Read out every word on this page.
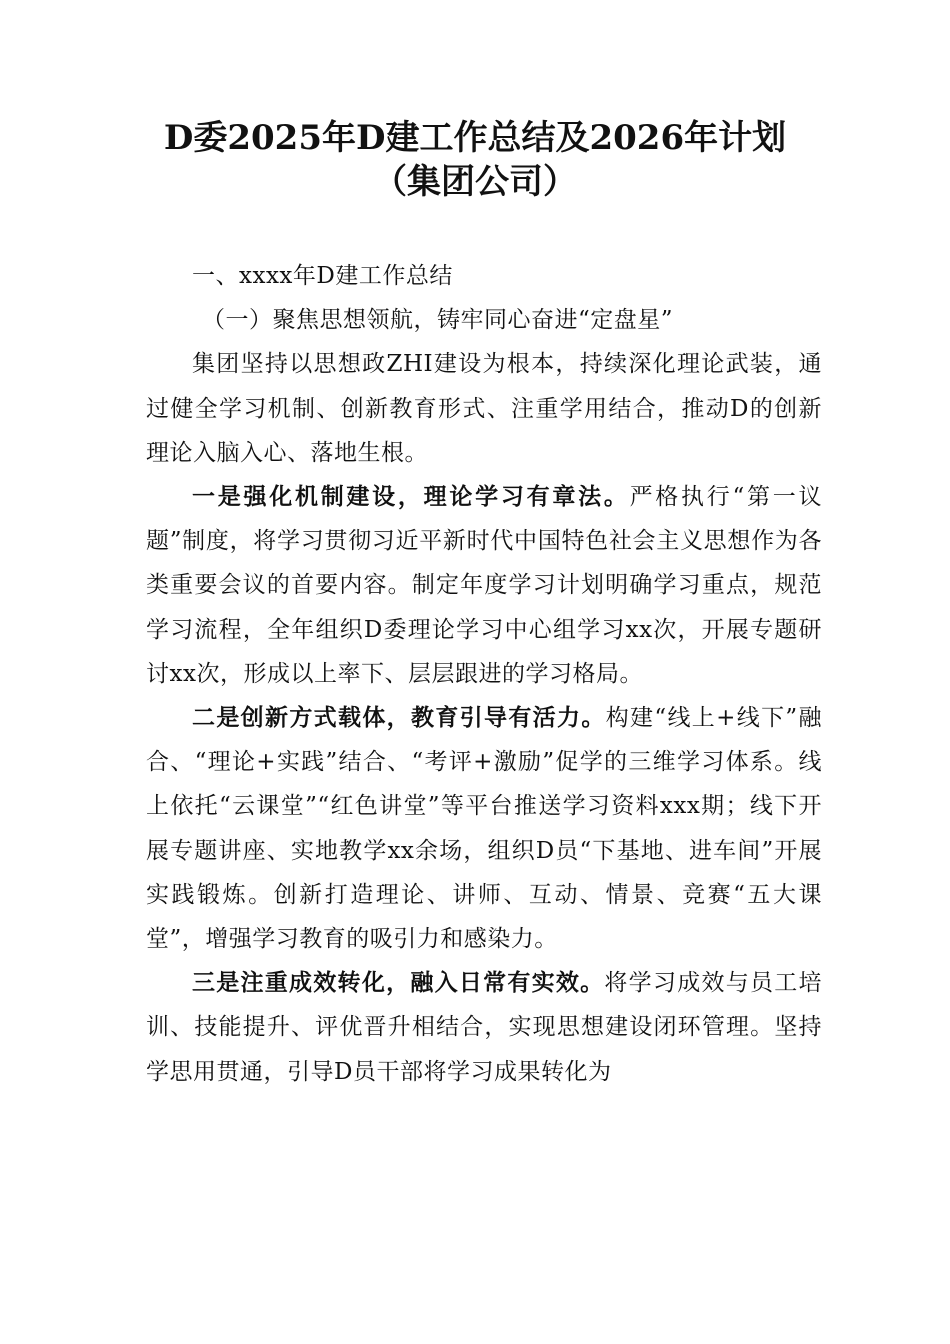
D委2025年D建工作总结及2026年计划
（集团公司）

一、xxxx年D建工作总结

（一）聚焦思想领航，铸牢同心奋进“定盘星”

集团坚持以思想政ZHI建设为根本，持续深化理论武装，通过健全学习机制、创新教育形式、注重学用结合，推动D的创新理论入脑入心、落地生根。

一是强化机制建设，理论学习有章法。严格执行“第一议题”制度，将学习贯彻习近平新时代中国特色社会主义思想作为各类重要会议的首要内容。制定年度学习计划明确学习重点，规范学习流程，全年组织D委理论学习中心组学习xx次，开展专题研讨xx次，形成以上率下、层层跟进的学习格局。

二是创新方式载体，教育引导有活力。构建“线上+线下”融合、“理论+实践”结合、“考评+激励”促学的三维学习体系。线上依托“云课堂”“红色讲堂”等平台推送学习资料xxx期；线下开展专题讲座、实地教学xx余场，组织D员“下基地、进车间”开展实践锻炼。创新打造理论、讲师、互动、情景、竞赛“五大课堂”，增强学习教育的吸引力和感染力。

三是注重成效转化，融入日常有实效。将学习成效与员工培训、技能提升、评优晋升相结合，实现思想建设闭环管理。坚持学思用贯通，引导D员干部将学习成果转化为
